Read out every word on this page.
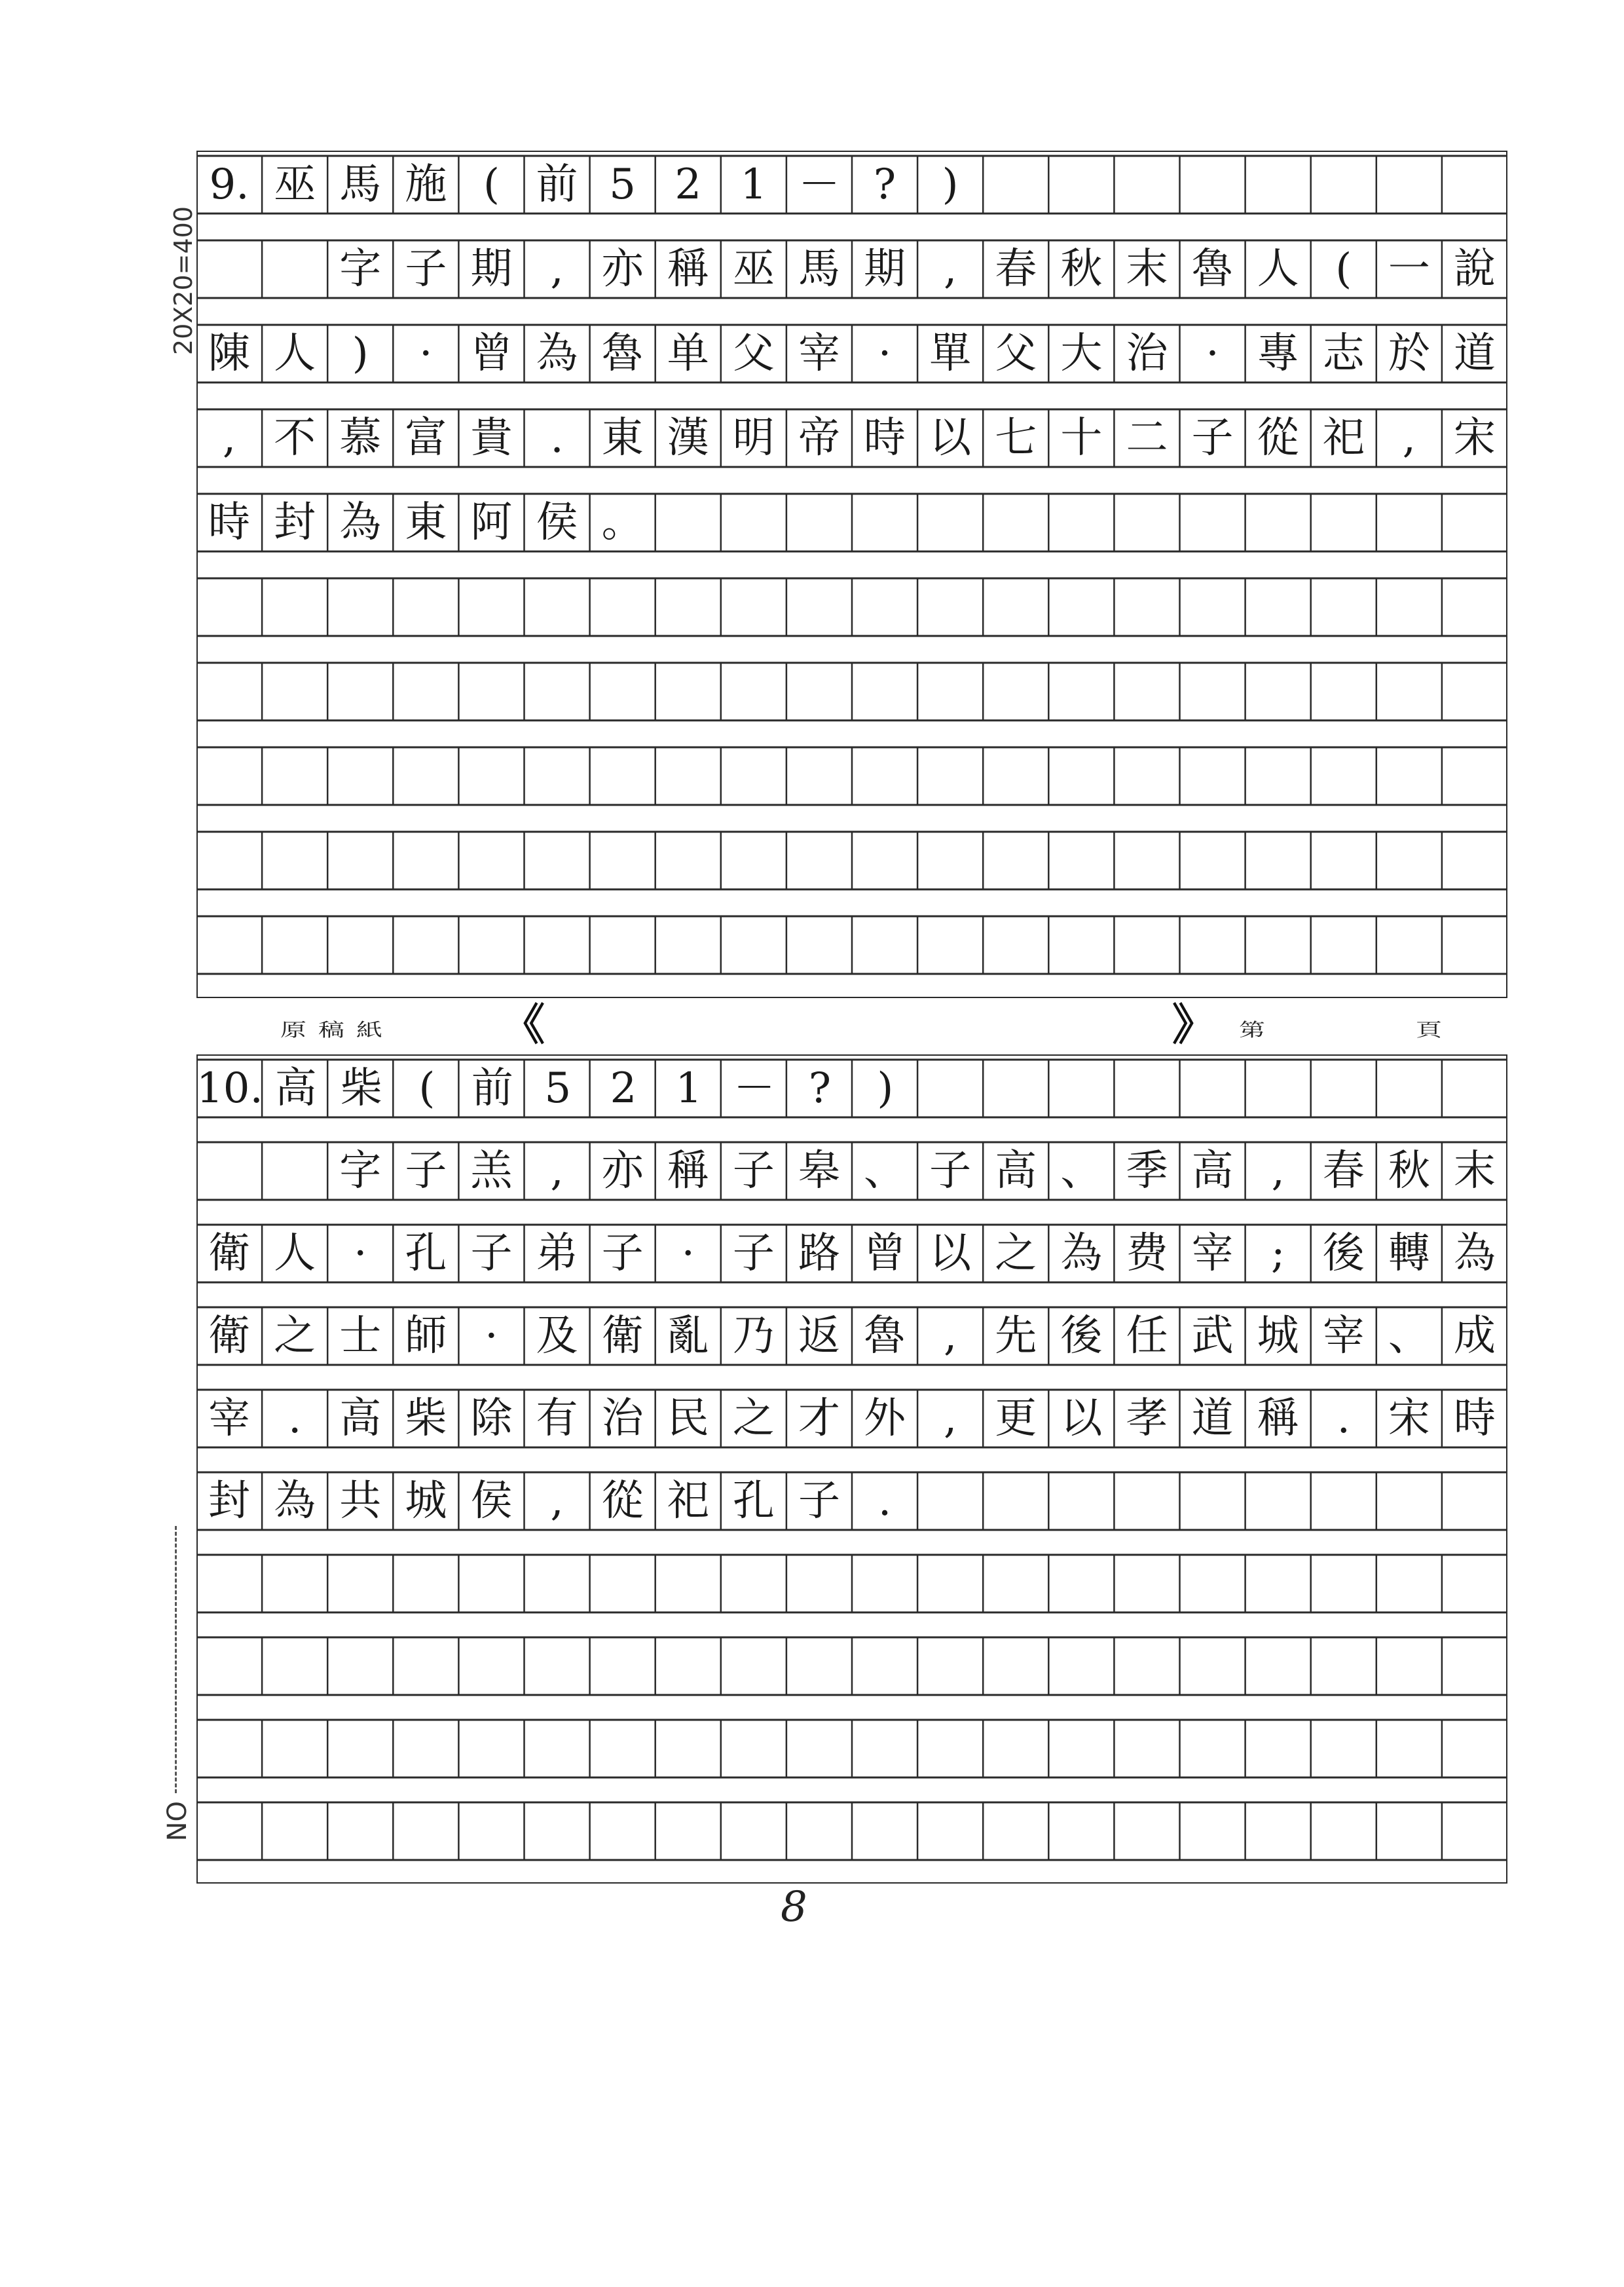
20X20=400
9. 巫 馬 施 ( 前 5 2 1 － ?	)
字 子 期 , 亦 稱 巫 馬 期 , 春 秋 末 魯 人 ( 一 說
陳 人 )	· 曾 為 魯 单 父 宰 · 單 父 大 治 · 專 志 於 道
, 不 慕 富 貴 . 東 漢 明 帝 時 以 七 十 二 子 從 祀 , 宋
時 封 為 東 阿 侯 。
原稿紙 《	》 第	頁
10. 高 柴 ( 前 5 2 1 － ?	)
字 子 羔 , 亦 稱 子 皋 、 子 高 、 季 高 , 春 秋 末
衛 人 · 孔 子 弟 子 · 子 路 曾 以 之 為 费 宰 ; 後 轉 為
衛 之 士 師 · 及 衛 亂 乃 返 魯 , 先 後 任 武 城 宰 、 成
宰 . 高 柴 除 有 治 民 之 才 外 , 更 以 孝 道 稱 . 宋 時
封 為 共 城 侯 , 從 祀 孔 子 .
NO
8
